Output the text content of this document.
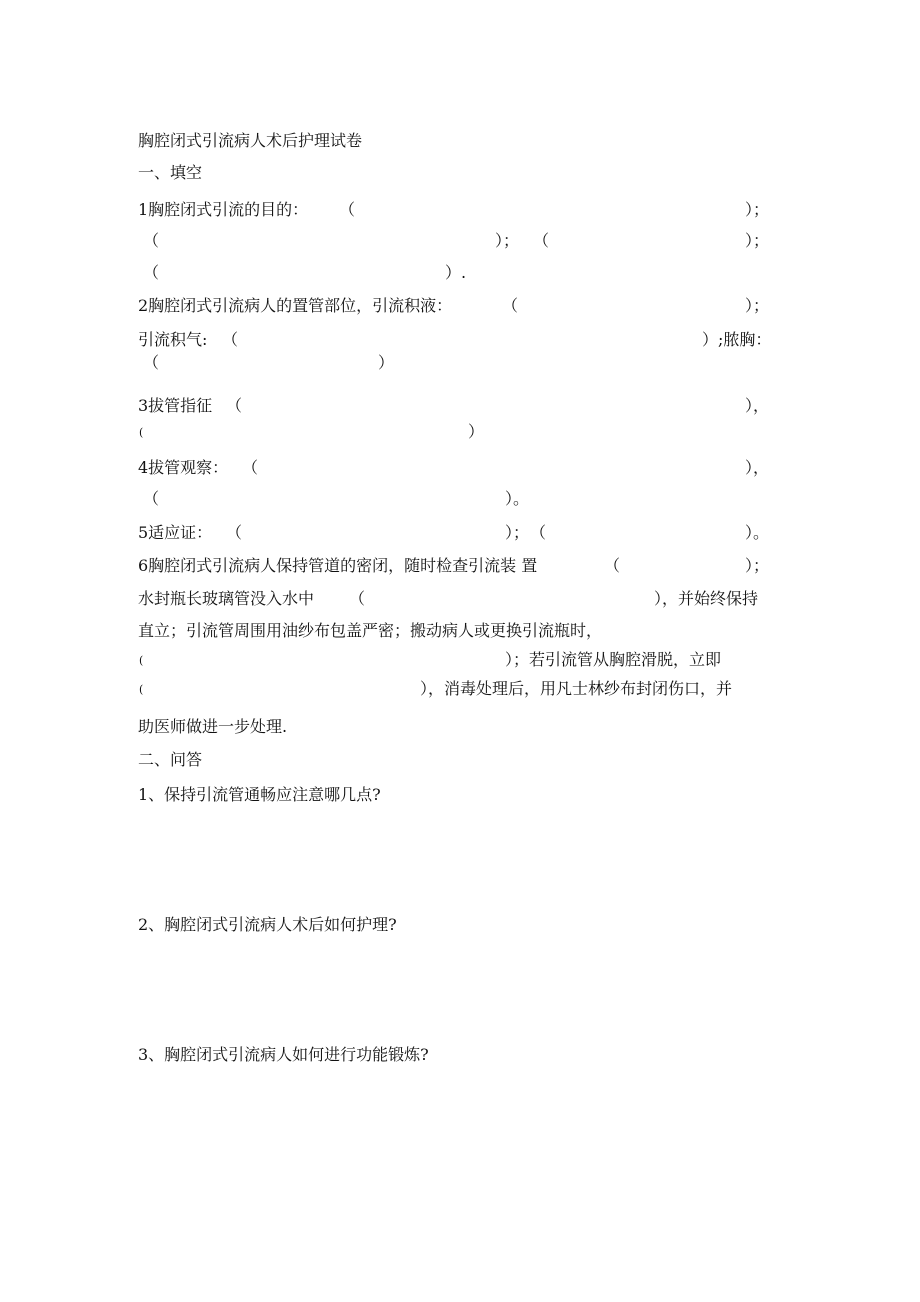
胸腔闭式引流病人术后护理试卷
一、填空
1胸腔闭式引流的目的： （	）；
（	）； （	）；
（	）.
2胸腔闭式引流病人的置管部位，引流积液：	（	）；
引流积气: （	）;脓胸：
（	）
3拔管指征 （	），
(	）
4拔管观察： （	），
（	）。
5适应证： （	）； （	）。
6胸腔闭式引流病人保持管道的密闭，随时检查引流装 置	（	）；
水封瓶长玻璃管没入水中 （	），并始终保持
直立；引流管周围用油纱布包盖严密；搬动病人或更换引流瓶时，
(	）；若引流管从胸腔滑脱，立即
(	），消毒处理后，用凡士林纱布封闭伤口，并
助医师做进一步处理.
二、问答
1、保持引流管通畅应注意哪几点?
2、胸腔闭式引流病人术后如何护理?
3、胸腔闭式引流病人如何进行功能锻炼?
